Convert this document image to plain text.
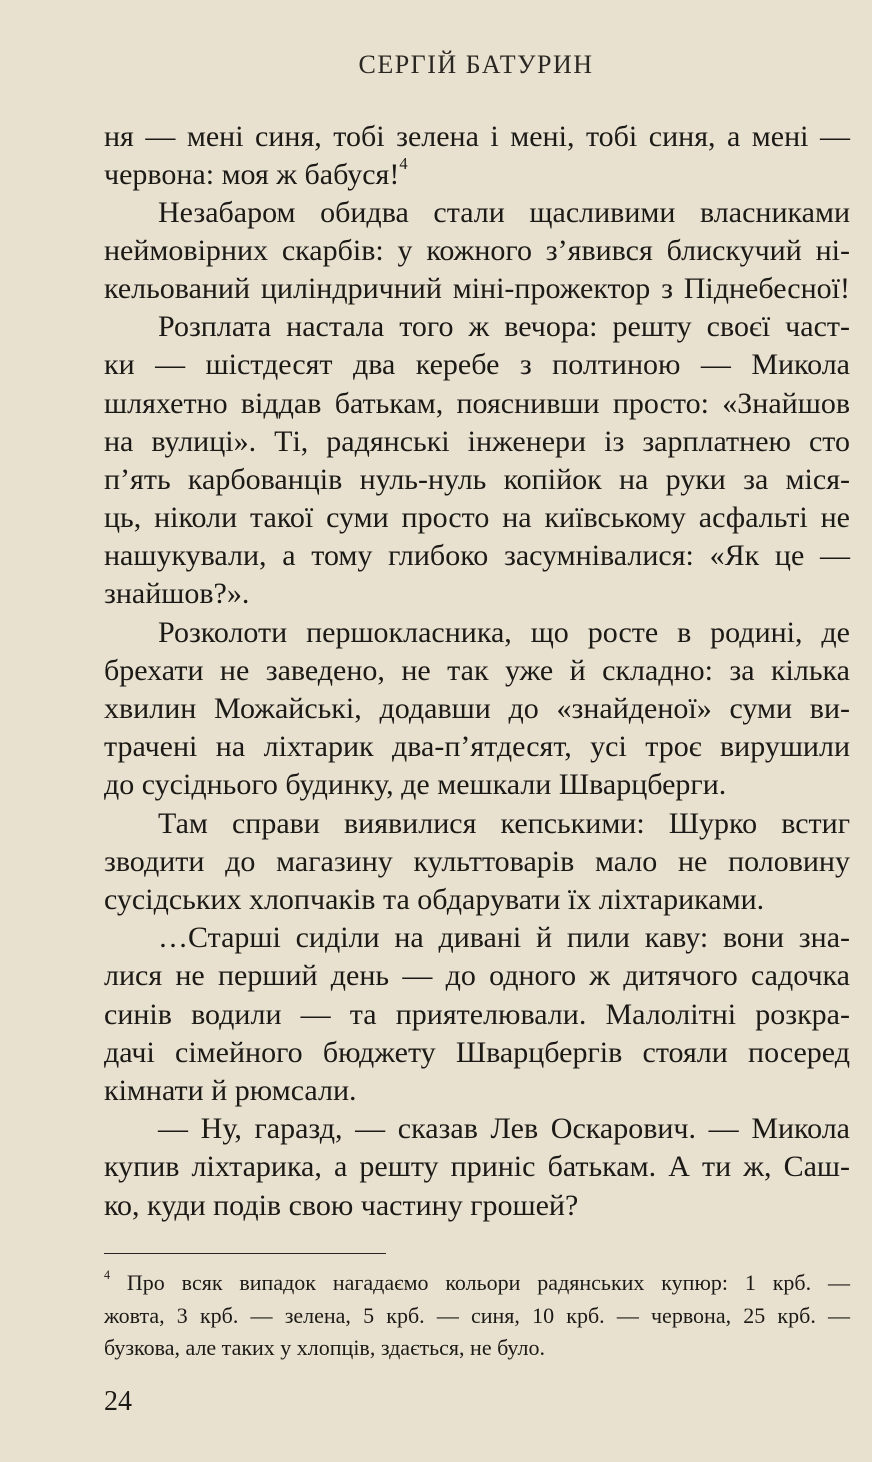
СЕРГІЙ БАТУРИН
ня — мені синя, тобі зелена і мені, тобі синя, а мені —
червона: моя ж бабуся!$^4$
Незабаром обидва стали щасливими власниками
неймовірних скарбів: у кожного з’явився блискучий ні-
кельований циліндричний міні-прожектор з Піднебесної!
Розплата настала того ж вечора: решту своєї част-
ки — шістдесят два керебе з полтиною — Микола
шляхетно віддав батькам, пояснивши просто: «Знайшов
на вулиці». Ті, радянські інженери із зарплатнею сто
п’ять карбованців нуль-нуль копійок на руки за міся-
ць, ніколи такої суми просто на київському асфальті не
нашукували, а тому глибоко засумнівалися: «Як це —
знайшов?».
Розколоти першокласника, що росте в родині, де
брехати не заведено, не так уже й складно: за кілька
хвилин Можайські, додавши до «знайденої» суми ви-
трачені на ліхтарик два-п’ятдесят, усі троє вирушили
до сусіднього будинку, де мешкали Шварцберги.
Там справи виявилися кепськими: Шурко встиг
зводити до магазину культтоварів мало не половину
сусідських хлопчаків та обдарувати їх ліхтариками.
…Старші сиділи на дивані й пили каву: вони зна-
лися не перший день — до одного ж дитячого садочка
синів водили — та приятелювали. Малолітні розкра-
дачі сімейного бюджету Шварцбергів стояли посеред
кімнати й рюмсали.
— Ну, гаразд, — сказав Лев Оскарович. — Микола
купив ліхтарика, а решту приніс батькам. А ти ж, Саш-
ко, куди подів свою частину грошей?
$^4$ Про всяк випадок нагадаємо кольори радянських купюр: 1 крб. —
жовта, 3 крб. — зелена, 5 крб. — синя, 10 крб. — червона, 25 крб. —
бузкова, але таких у хлопців, здається, не було.
24
